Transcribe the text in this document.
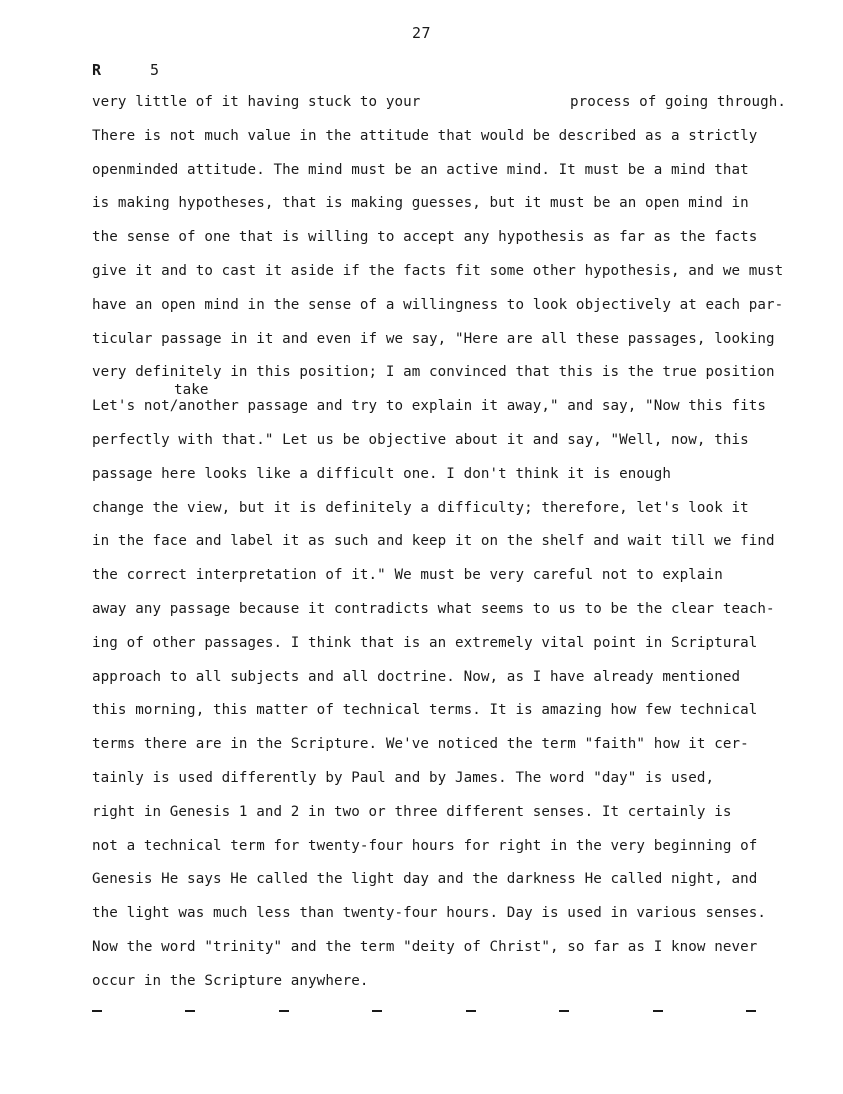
27
R	5
very little of it having stuck to your	process of going through.
There is not much value in the attitude that would be described as a strictly
openminded attitude. The mind must be an active mind. It must be a mind that
is making hypotheses, that is making guesses, but it must be an open mind in
the sense of one that is willing to accept any hypothesis as far as the facts
give it and to cast it aside if the facts fit some other hypothesis, and we must
have an open mind in the sense of a willingness to look objectively at each par-
ticular passage in it and even if we say, "Here are all these passages, looking
very definitely in this position; I am convinced that this is the true position
take
Let's not/another passage and try to explain it away," and say, "Now this fits
perfectly with that." Let us be objective about it and say, "Well, now, this
passage here looks like a difficult one. I don't think it is enough
change the view, but it is definitely a difficulty; therefore, let's look it
in the face and label it as such and keep it on the shelf and wait till we find
the correct interpretation of it." We must be very careful not to explain
away any passage because it contradicts what seems to us to be the clear teach-
ing of other passages. I think that is an extremely vital point in Scriptural
approach to all subjects and all doctrine. Now, as I have already mentioned
this morning, this matter of technical terms. It is amazing how few technical
terms there are in the Scripture. We've noticed the term "faith" how it cer-
tainly is used differently by Paul and by James. The word "day" is used,
right in Genesis 1 and 2 in two or three different senses. It certainly is
not a technical term for twenty-four hours for right in the very beginning of
Genesis He says He called the light day and the darkness He called night, and
the light was much less than twenty-four hours. Day is used in various senses.
Now the word "trinity" and the term "deity of Christ", so far as I know never
occur in the Scripture anywhere.
